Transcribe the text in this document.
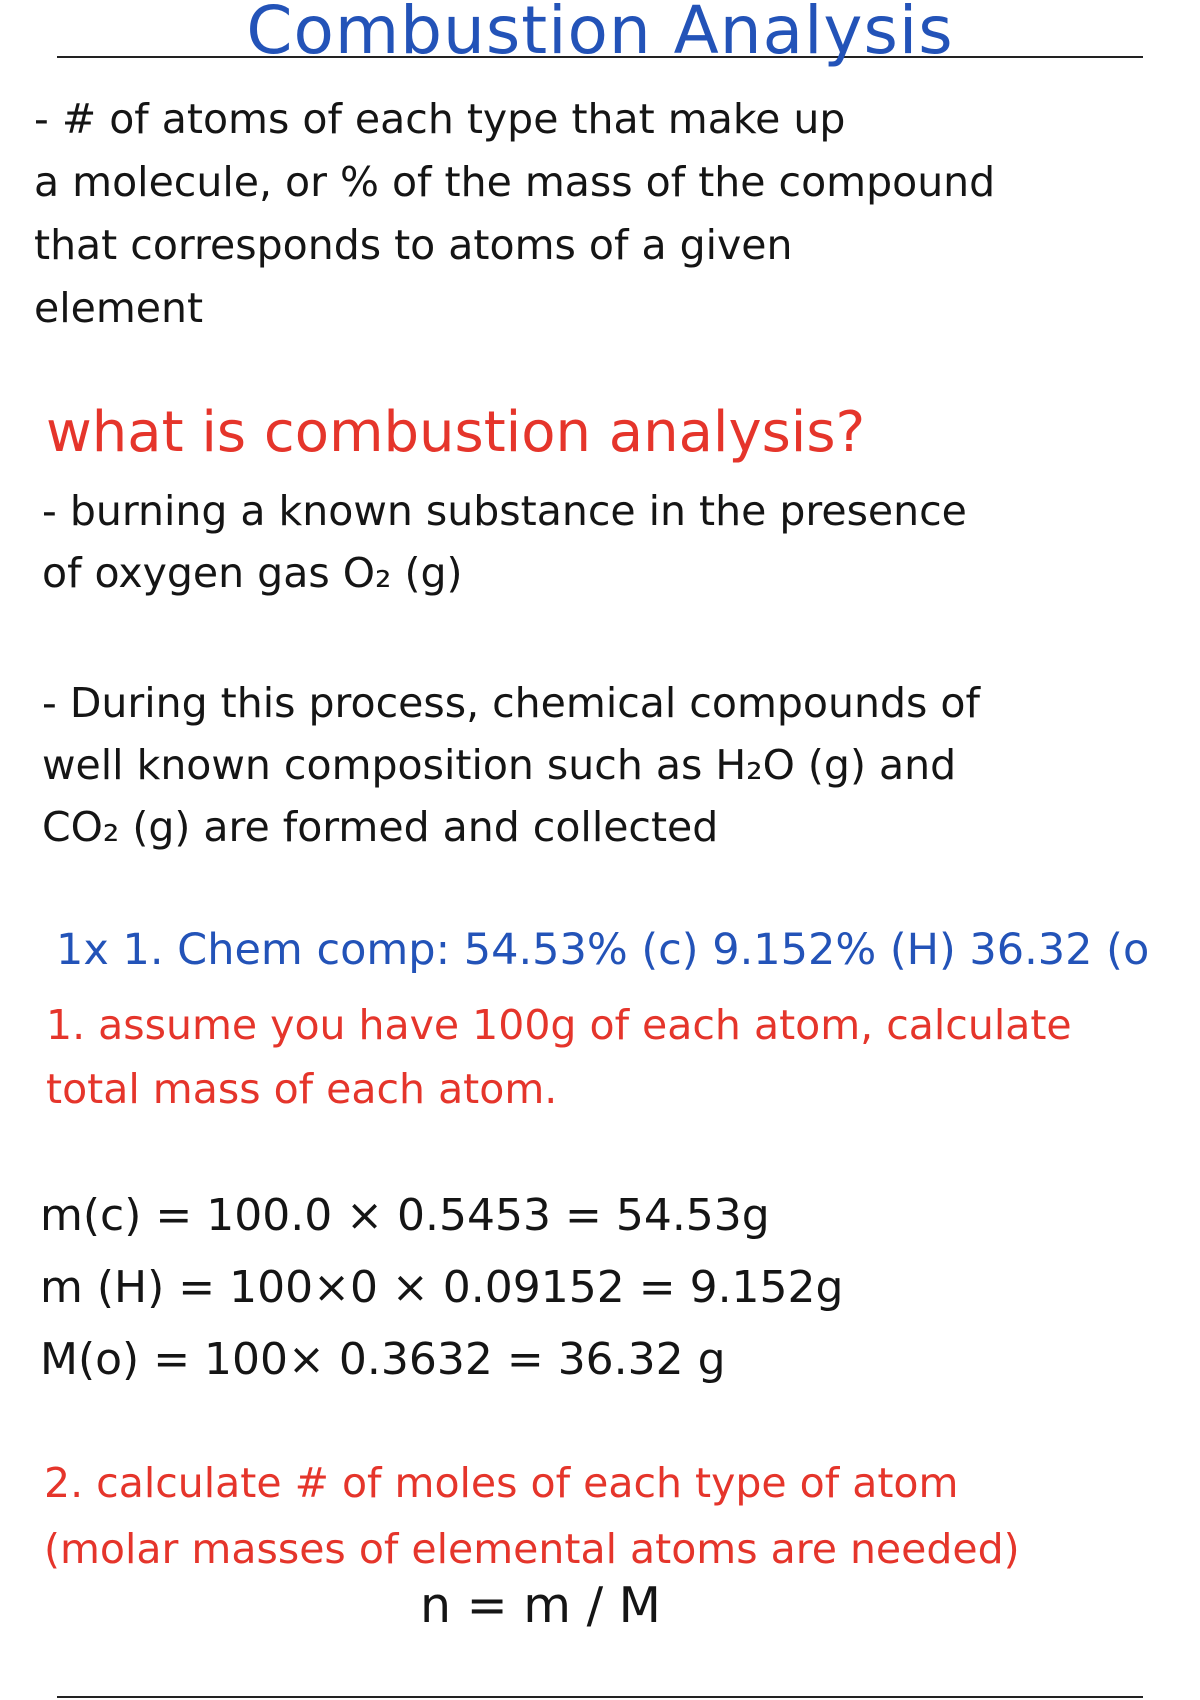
Combustion Analysis
- # of atoms of each type that make up
a molecule, or % of the mass of the compound
that corresponds to atoms of a given
element
what is combustion analysis?
- burning a known substance in the presence
of oxygen gas O₂ (g)
- During this process, chemical compounds of
well known composition such as H₂O (g) and
CO₂ (g) are formed and collected
1x 1. Chem comp: 54.53% (c) 9.152% (H) 36.32 (o
1. assume you have 100g of each atom, calculate
total mass of each atom.
m(c) = 100.0 × 0.5453 = 54.53g
m (H) = 100×0 × 0.09152 = 9.152g
M(o) = 100× 0.3632 = 36.32 g
2. calculate # of moles of each type of atom
(molar masses of elemental atoms are needed)
n = m / M
